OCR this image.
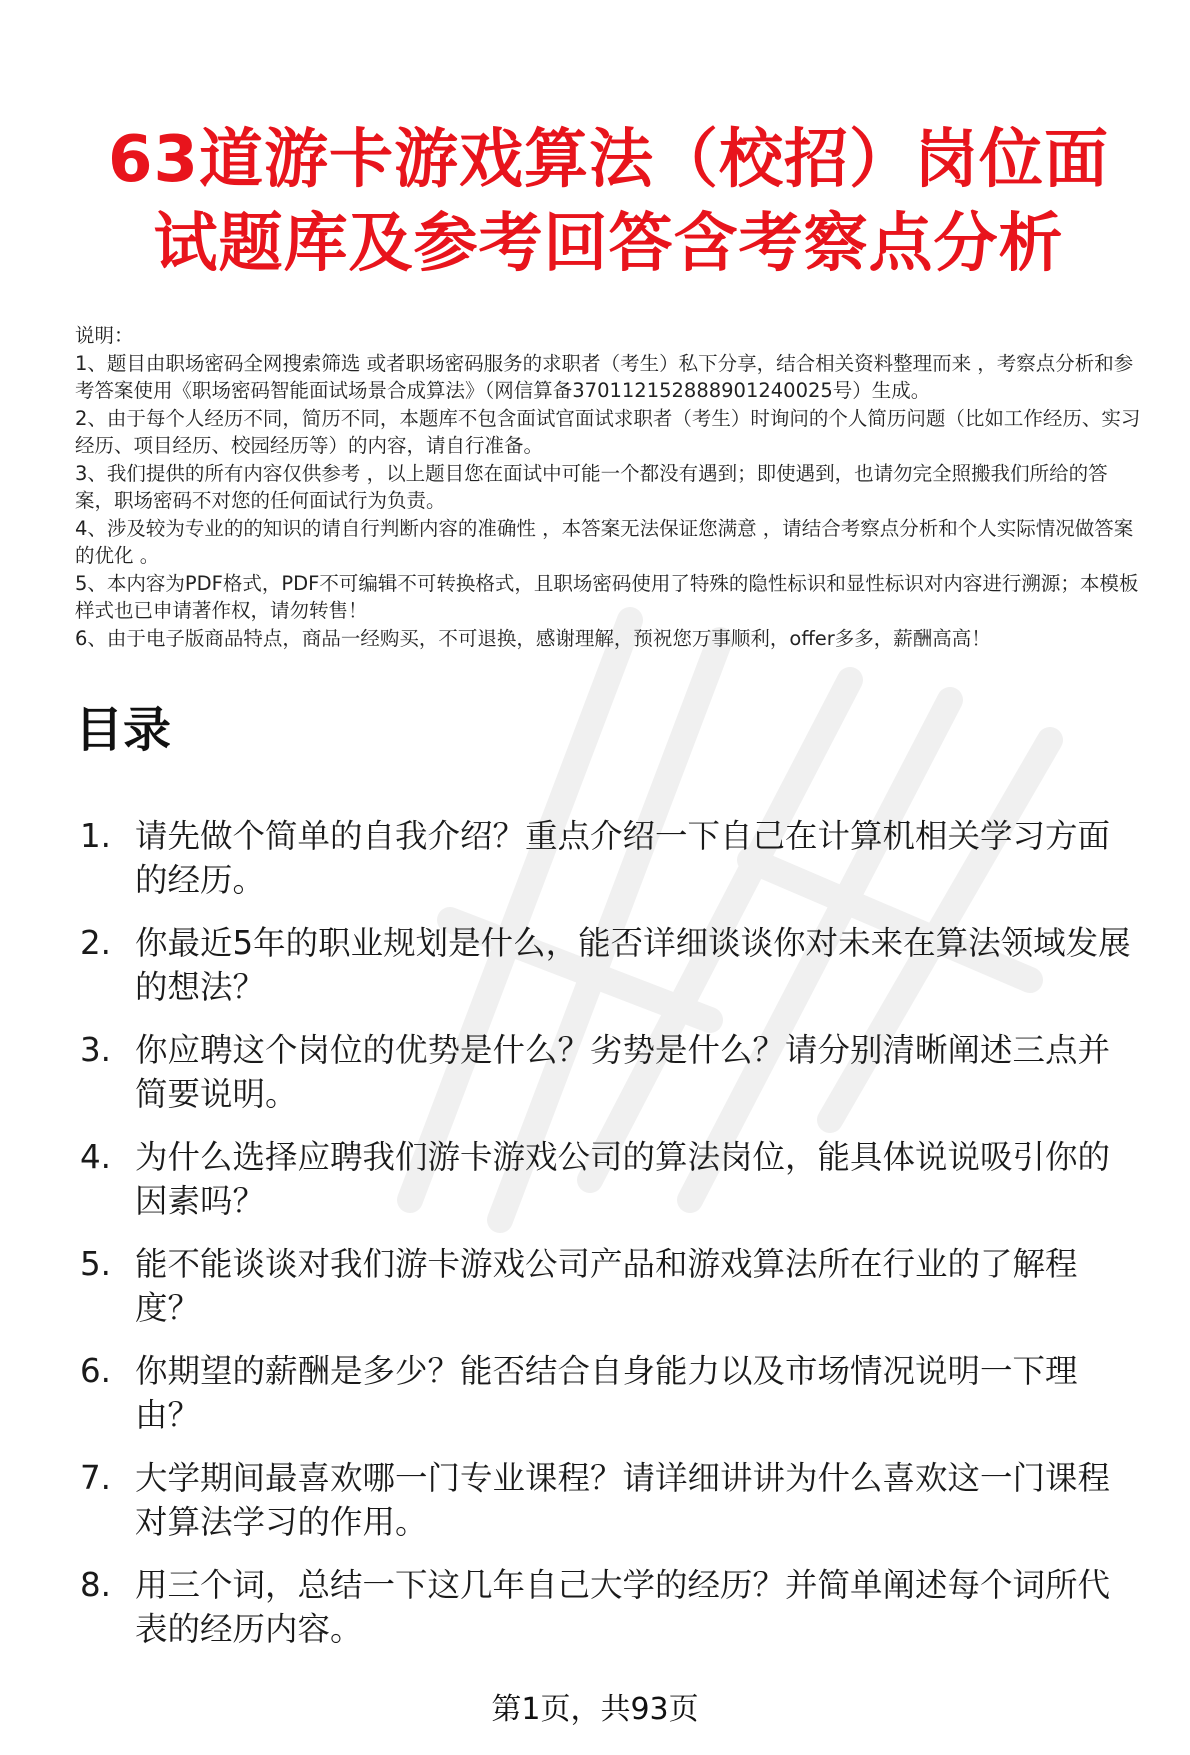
63道游卡游戏算法（校招）岗位面
试题库及参考回答含考察点分析
说明：
1、题目由职场密码全网搜索筛选 或者职场密码服务的求职者（考生）私下分享，结合相关资料整理而来 ，考察点分析和参考答案使用《职场密码智能面试场景合成算法》（网信算备370112152888901240025号）生成。
2、由于每个人经历不同，简历不同，本题库不包含面试官面试求职者（考生）时询问的个人简历问题（比如工作经历、实习经历、项目经历、校园经历等）的内容，请自行准备。
3、我们提供的所有内容仅供参考 ，以上题目您在面试中可能一个都没有遇到；即使遇到，也请勿完全照搬我们所给的答案，职场密码不对您的任何面试行为负责。
4、涉及较为专业的的知识的请自行判断内容的准确性 ，本答案无法保证您满意 ，请结合考察点分析和个人实际情况做答案的优化 。
5、本内容为PDF格式，PDF不可编辑不可转换格式，且职场密码使用了特殊的隐性标识和显性标识对内容进行溯源；本模板样式也已申请著作权，请勿转售！
6、由于电子版商品特点，商品一经购买，不可退换，感谢理解，预祝您万事顺利，offer多多，薪酬高高！
目录
1. 请先做个简单的自我介绍？重点介绍一下自己在计算机相关学习方面的经历。
2. 你最近5年的职业规划是什么，能否详细谈谈你对未来在算法领域发展的想法？
3. 你应聘这个岗位的优势是什么？劣势是什么？请分别清晰阐述三点并简要说明。
4. 为什么选择应聘我们游卡游戏公司的算法岗位，能具体说说吸引你的因素吗？
5. 能不能谈谈对我们游卡游戏公司产品和游戏算法所在行业的了解程度？
6. 你期望的薪酬是多少？能否结合自身能力以及市场情况说明一下理由？
7. 大学期间最喜欢哪一门专业课程？请详细讲讲为什么喜欢这一门课程对算法学习的作用。
8. 用三个词，总结一下这几年自己大学的经历？并简单阐述每个词所代表的经历内容。
第1页，共93页
